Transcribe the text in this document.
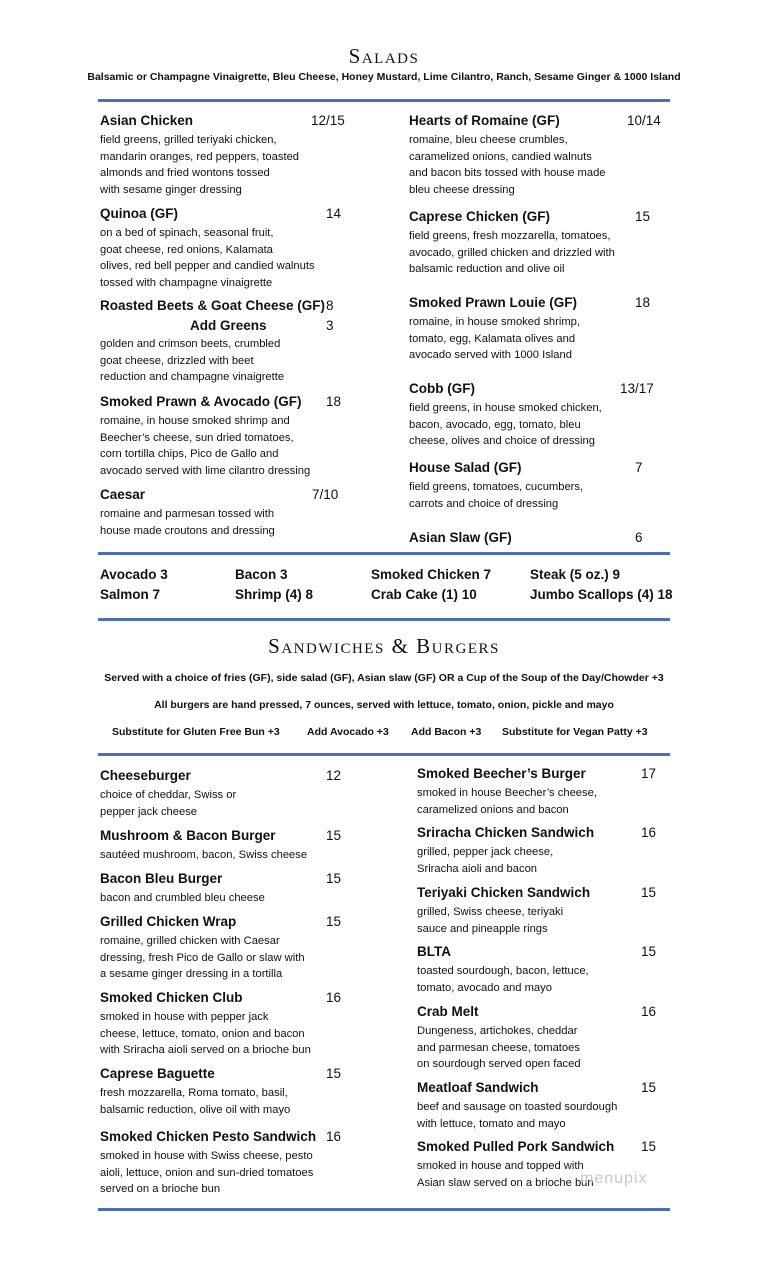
Salads
Balsamic or Champagne Vinaigrette, Bleu Cheese, Honey Mustard, Lime Cilantro, Ranch, Sesame Ginger & 1000 Island
Asian Chicken	12/15
field greens, grilled teriyaki chicken,
mandarin oranges, red peppers, toasted
almonds and fried wontons tossed
with sesame ginger dressing
Quinoa (GF)	14
on a bed of spinach, seasonal fruit,
goat cheese, red onions, Kalamata
olives, red bell pepper and candied walnuts
tossed with champagne vinaigrette
Roasted Beets & Goat Cheese (GF) 8
Add Greens	3
golden and crimson beets, crumbled
goat cheese, drizzled with beet
reduction and champagne vinaigrette
Smoked Prawn & Avocado (GF) 18
romaine, in house smoked shrimp and
Beecher’s cheese, sun dried tomatoes,
corn tortilla chips, Pico de Gallo and
avocado served with lime cilantro dressing
Caesar	7/10
romaine and parmesan tossed with
house made croutons and dressing
Hearts of Romaine (GF)	10/14
romaine, bleu cheese crumbles,
caramelized onions, candied walnuts
and bacon bits tossed with house made
bleu cheese dressing
Caprese Chicken (GF)	15
field greens, fresh mozzarella, tomatoes,
avocado, grilled chicken and drizzled with
balsamic reduction and olive oil
Smoked Prawn Louie (GF)	18
romaine, in house smoked shrimp,
tomato, egg, Kalamata olives and
avocado served with 1000 Island
Cobb (GF)	13/17
field greens, in house smoked chicken,
bacon, avocado, egg, tomato, bleu
cheese, olives and choice of dressing
House Salad (GF)	7
field greens, tomatoes, cucumbers,
carrots and choice of dressing
Asian Slaw (GF)	6
Avocado 3	Bacon 3	Smoked Chicken 7	Steak (5 oz.) 9
Salmon 7	Shrimp (4) 8	Crab Cake (1) 10	Jumbo Scallops (4) 18
Sandwiches & Burgers
Served with a choice of fries (GF), side salad (GF), Asian slaw (GF) OR a Cup of the Soup of the Day/Chowder +3
All burgers are hand pressed, 7 ounces, served with lettuce, tomato, onion, pickle and mayo
Substitute for Gluten Free Bun +3	Add Avocado +3 Add Bacon +3 Substitute for Vegan Patty +3
Cheeseburger	12
choice of cheddar, Swiss or
pepper jack cheese
Mushroom & Bacon Burger	15
sautéed mushroom, bacon, Swiss cheese
Bacon Bleu Burger	15
bacon and crumbled bleu cheese
Grilled Chicken Wrap	15
romaine, grilled chicken with Caesar
dressing, fresh Pico de Gallo or slaw with
a sesame ginger dressing in a tortilla
Smoked Chicken Club	16
smoked in house with pepper jack
cheese, lettuce, tomato, onion and bacon
with Sriracha aioli served on a brioche bun
Caprese Baguette	15
fresh mozzarella, Roma tomato, basil,
balsamic reduction, olive oil with mayo
Smoked Chicken Pesto Sandwich 16
smoked in house with Swiss cheese, pesto
aioli, lettuce, onion and sun-dried tomatoes
served on a brioche bun
Smoked Beecher’s Burger	17
smoked in house Beecher’s cheese,
caramelized onions and bacon
Sriracha Chicken Sandwich	16
grilled, pepper jack cheese,
Sriracha aioli and bacon
Teriyaki Chicken Sandwich	15
grilled, Swiss cheese, teriyaki
sauce and pineapple rings
BLTA	15
toasted sourdough, bacon, lettuce,
tomato, avocado and mayo
Crab Melt	16
Dungeness, artichokes, cheddar
and parmesan cheese, tomatoes
on sourdough served open faced
Meatloaf Sandwich	15
beef and sausage on toasted sourdough
with lettuce, tomato and mayo
Smoked Pulled Pork Sandwich 15
smoked in house and topped with
Asian slaw served on a brioche bun
menupix
